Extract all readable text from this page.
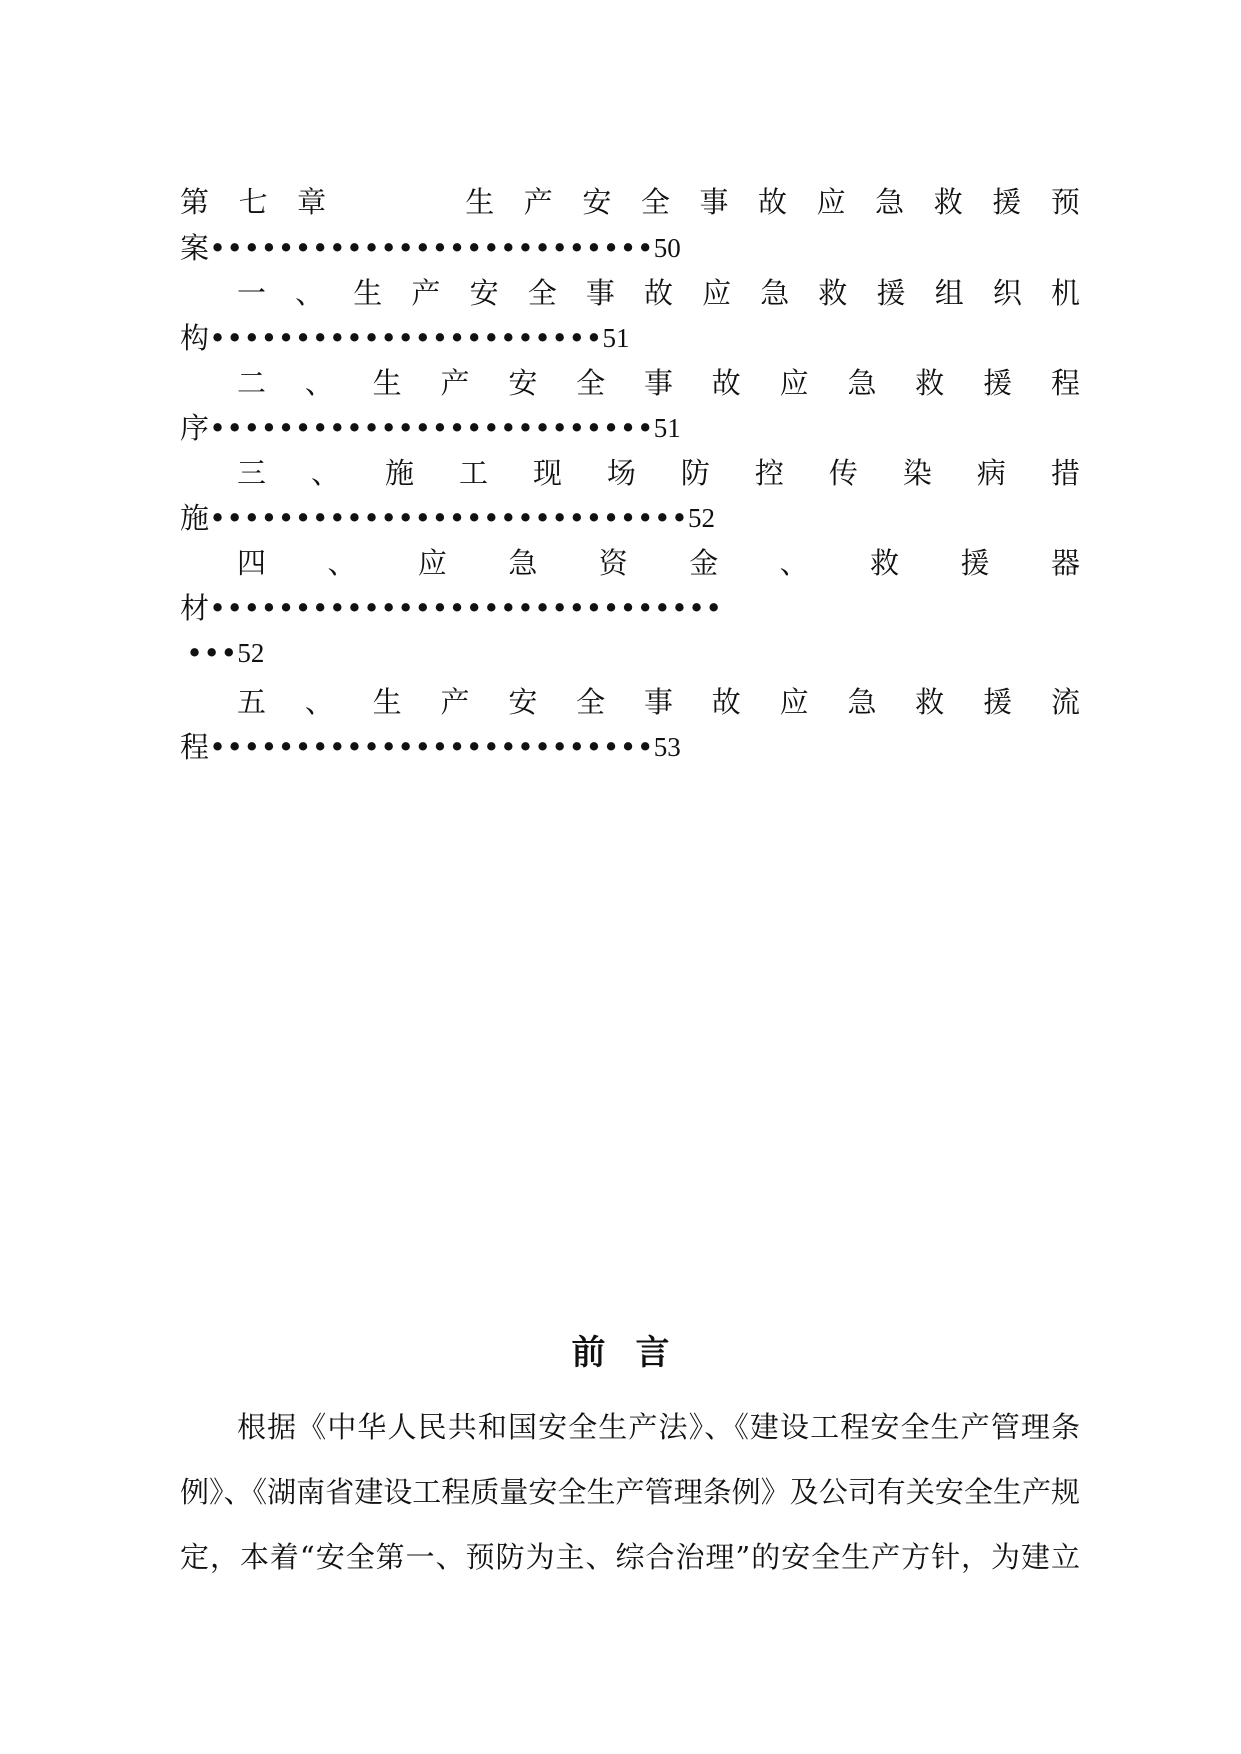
第 七 章	生 产 安 全 事 故 应 急 救 援 预
案 •••••••••••••••••••••••••• 50
一 、 生 产 安 全 事 故 应 急 救 援 组 织 机
构 ••••••••••••••••••••••• 51
二 、 生 产 安 全 事 故 应 急 救 援 程
序 •••••••••••••••••••••••••• 51
三 、 施 工 现 场 防 控 传 染 病 措
施 •••••••••••••••••••••••••••• 52
四 、 应 急 资 金 、 救 援 器
材 ••••••••••••••••••••••••••••••
••• 52
五 、 生 产 安 全 事 故 应 急 救 援 流
程 •••••••••••••••••••••••••• 53
前言
根据《中华人民共和国安全生产法》、《建设工程安全生产管理条
例》、《湖南省建设工程质量安全生产管理条例》及公司有关安全生产规
定，本着“安全第一、预防为主、综合治理”的安全生产方针，为建立
